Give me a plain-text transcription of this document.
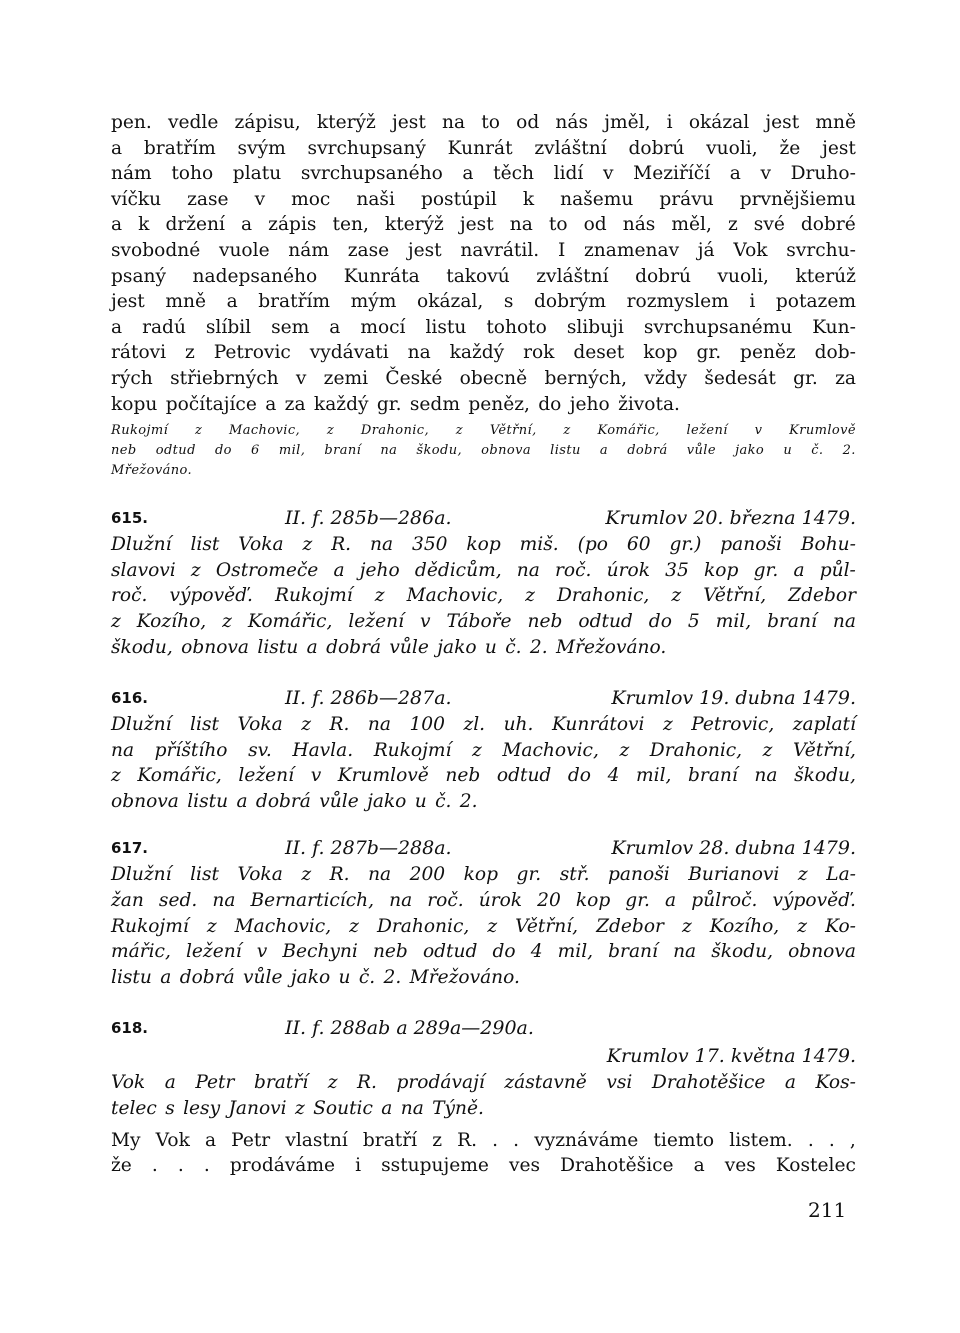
pen. vedle zápisu, kterýž jest na to od nás jměl, i okázal jest mně
a bratřím svým svrchupsaný Kunrát zvláštní dobrú vuoli, že jest
nám toho platu svrchupsaného a těch lidí v Meziříčí a v Druho-
víčku zase v moc naši postúpil k našemu právu prvnějšiemu
a k držení a zápis ten, kterýž jest na to od nás měl, z své dobré
svobodné vuole nám zase jest navrátil. I znamenav já Vok svrchu-
psaný nadepsaného Kunráta takovú zvláštní dobrú vuoli, kterúž
jest mně a bratřím mým okázal, s dobrým rozmyslem i potazem
a radú slíbil sem a mocí listu tohoto slibuji svrchupsanému Kun-
rátovi z Petrovic vydávati na každý rok deset kop gr. peněz dob-
rých střiebrných v zemi České obecně berných, vždy šedesát gr. za
kopu počítajíce a za každý gr. sedm peněz, do jeho života.
Rukojmí z Machovic, z Drahonic, z Větřní, z Komářic, ležení v Krumlově
neb odtud do 6 mil, braní na škodu, obnova listu a dobrá vůle jako u č. 2.
Mřežováno.
615.	II. f. 285b—286a.	Krumlov 20. března 1479.
Dlužní list Voka z R. na 350 kop miš. (po 60 gr.) panoši Bohu-
slavovi z Ostromeče a jeho dědicům, na roč. úrok 35 kop gr. a půl-
roč. výpověď. Rukojmí z Machovic, z Drahonic, z Větřní, Zdebor
z Kozího, z Komářic, ležení v Táboře neb odtud do 5 mil, braní na
škodu, obnova listu a dobrá vůle jako u č. 2. Mřežováno.
616.	II. f. 286b—287a.	Krumlov 19. dubna 1479.
Dlužní list Voka z R. na 100 zl. uh. Kunrátovi z Petrovic, zaplatí
na příštího sv. Havla. Rukojmí z Machovic, z Drahonic, z Větřní,
z Komářic, ležení v Krumlově neb odtud do 4 mil, braní na škodu,
obnova listu a dobrá vůle jako u č. 2.
617.	II. f. 287b—288a.	Krumlov 28. dubna 1479.
Dlužní list Voka z R. na 200 kop gr. stř. panoši Burianovi z La-
žan sed. na Bernarticích, na roč. úrok 20 kop gr. a půlroč. výpověď.
Rukojmí z Machovic, z Drahonic, z Větřní, Zdebor z Kozího, z Ko-
mářic, ležení v Bechyni neb odtud do 4 mil, braní na škodu, obnova
listu a dobrá vůle jako u č. 2. Mřežováno.
618.	II. f. 288ab a 289a—290a.
Krumlov 17. května 1479.
Vok a Petr bratří z R. prodávají zástavně vsi Drahotěšice a Kos-
telec s lesy Janovi z Soutic a na Týně.
My Vok a Petr vlastní bratří z R. . . vyznáváme tiemto listem. . . ,
že . . . prodáváme i sstupujeme ves Drahotěšice a ves Kostelec
211
